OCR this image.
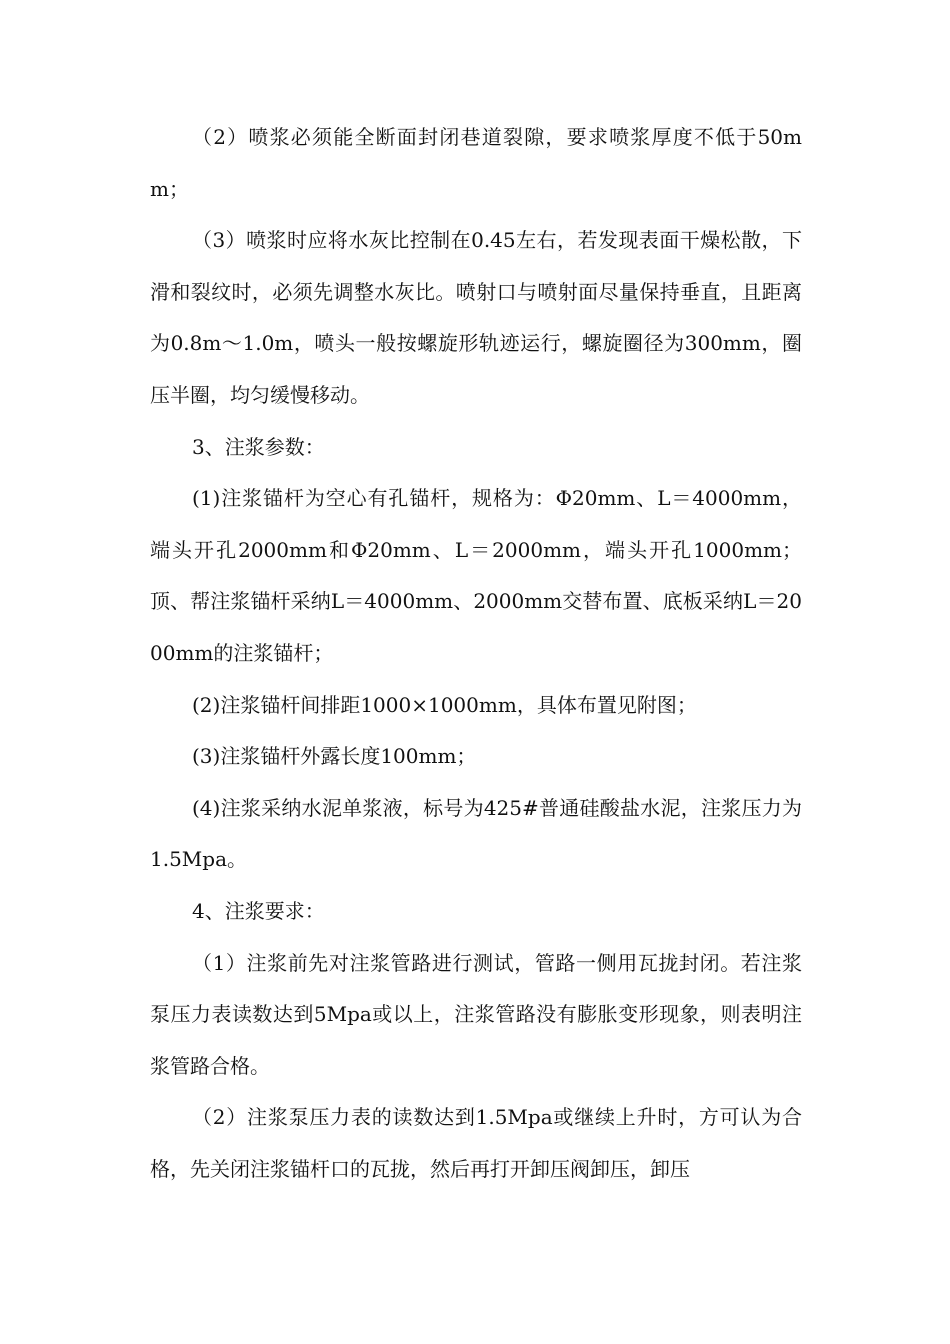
（2）喷浆必须能全断面封闭巷道裂隙，要求喷浆厚度不低于50mm；

（3）喷浆时应将水灰比控制在0.45左右，若发现表面干燥松散，下滑和裂纹时，必须先调整水灰比。喷射口与喷射面尽量保持垂直，且距离为0.8m～1.0m，喷头一般按螺旋形轨迹运行，螺旋圈径为300mm，圈压半圈，均匀缓慢移动。

3、注浆参数：

(1)注浆锚杆为空心有孔锚杆，规格为：Φ20mm、L＝4000mm，端头开孔2000mm和Φ20mm、L＝2000mm，端头开孔1000mm；顶、帮注浆锚杆采纳L＝4000mm、2000mm交替布置、底板采纳L＝2000mm的注浆锚杆；

(2)注浆锚杆间排距1000×1000mm，具体布置见附图；

(3)注浆锚杆外露长度100mm；

(4)注浆采纳水泥单浆液，标号为425#普通硅酸盐水泥，注浆压力为1.5Mpa。

4、注浆要求：

（1）注浆前先对注浆管路进行测试，管路一侧用瓦拢封闭。若注浆泵压力表读数达到5Mpa或以上，注浆管路没有膨胀变形现象，则表明注浆管路合格。

（2）注浆泵压力表的读数达到1.5Mpa或继续上升时，方可认为合格，先关闭注浆锚杆口的瓦拢，然后再打开卸压阀卸压，卸压
